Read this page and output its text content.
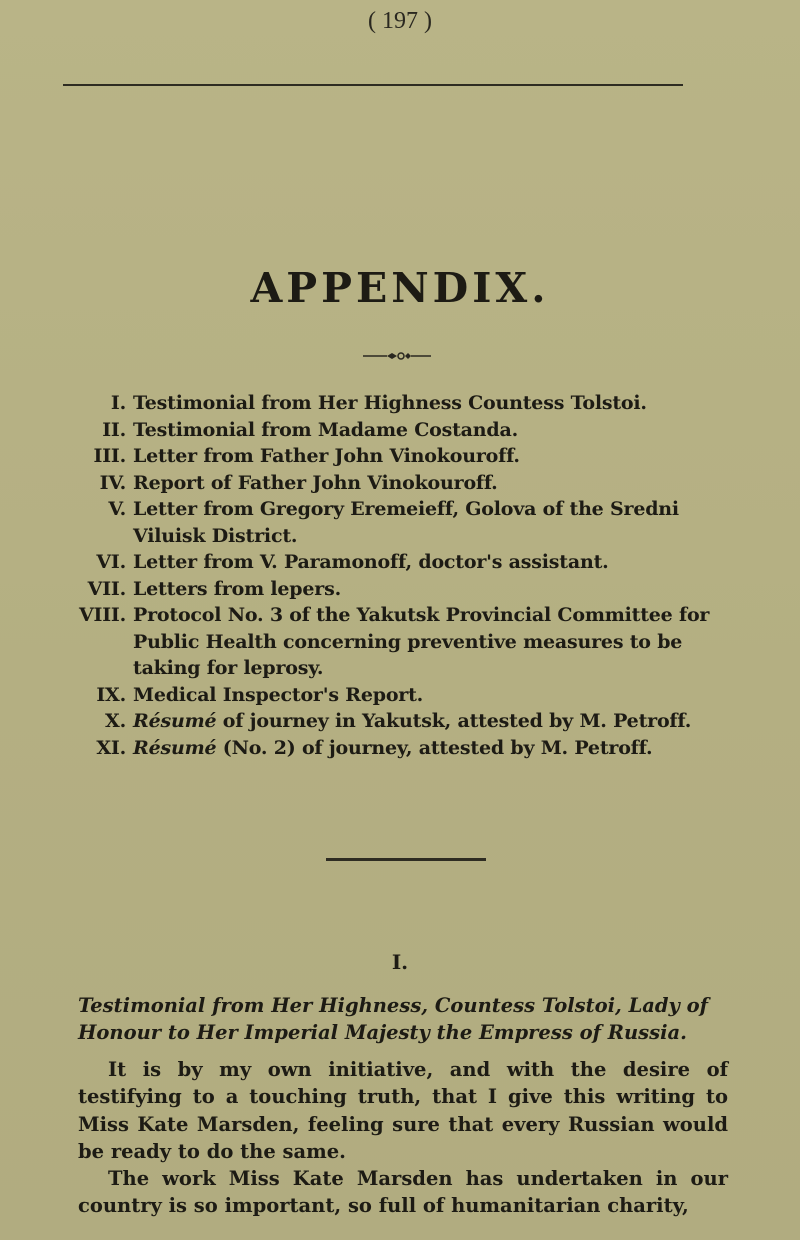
( 197 )
APPENDIX.
I. Testimonial from Her Highness Countess Tolstoi.
II. Testimonial from Madame Costanda.
III. Letter from Father John Vinokouroff.
IV. Report of Father John Vinokouroff.
V. Letter from Gregory Eremeieff, Golova of the Sredni Viluisk District.
VI. Letter from V. Paramonoff, doctor's assistant.
VII. Letters from lepers.
VIII. Protocol No. 3 of the Yakutsk Provincial Committee for Public Health concerning preventive measures to be taking for leprosy.
IX. Medical Inspector's Report.
X. Résumé of journey in Yakutsk, attested by M. Petroff.
XI. Résumé (No. 2) of journey, attested by M. Petroff.
I.
Testimonial from Her Highness, Countess Tolstoi, Lady of Honour to Her Imperial Majesty the Empress of Russia.

It is by my own initiative, and with the desire of testifying to a touching truth, that I give this writing to Miss Kate Marsden, feeling sure that every Russian would be ready to do the same.

The work Miss Kate Marsden has undertaken in our country is so important, so full of humanitarian charity,
